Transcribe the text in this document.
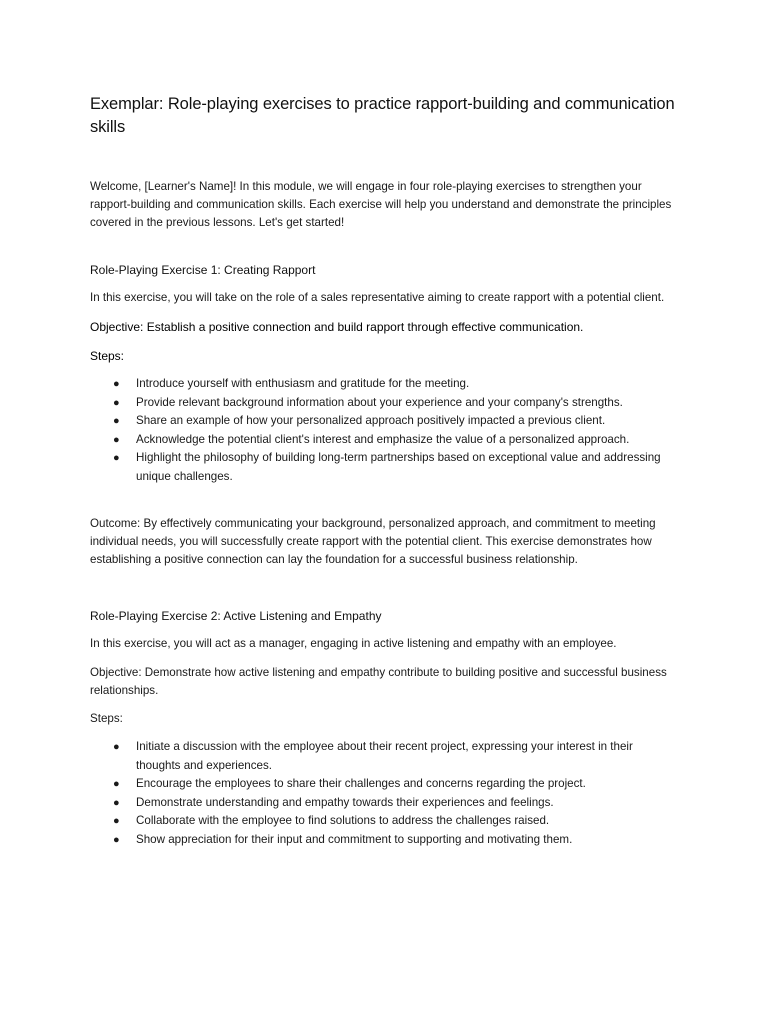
Exemplar: Role-playing exercises to practice rapport-building and communication skills

Welcome, [Learner's Name]! In this module, we will engage in four role-playing exercises to strengthen your rapport-building and communication skills. Each exercise will help you understand and demonstrate the principles covered in the previous lessons. Let's get started!

Role-Playing Exercise 1: Creating Rapport

In this exercise, you will take on the role of a sales representative aiming to create rapport with a potential client.

Objective: Establish a positive connection and build rapport through effective communication.

Steps:

● Introduce yourself with enthusiasm and gratitude for the meeting.
● Provide relevant background information about your experience and your company's strengths.
● Share an example of how your personalized approach positively impacted a previous client.
● Acknowledge the potential client's interest and emphasize the value of a personalized approach.
● Highlight the philosophy of building long-term partnerships based on exceptional value and addressing unique challenges.

Outcome: By effectively communicating your background, personalized approach, and commitment to meeting individual needs, you will successfully create rapport with the potential client. This exercise demonstrates how establishing a positive connection can lay the foundation for a successful business relationship.

Role-Playing Exercise 2: Active Listening and Empathy

In this exercise, you will act as a manager, engaging in active listening and empathy with an employee.

Objective: Demonstrate how active listening and empathy contribute to building positive and successful business relationships.

Steps:

● Initiate a discussion with the employee about their recent project, expressing your interest in their thoughts and experiences.
● Encourage the employees to share their challenges and concerns regarding the project.
● Demonstrate understanding and empathy towards their experiences and feelings.
● Collaborate with the employee to find solutions to address the challenges raised.
● Show appreciation for their input and commitment to supporting and motivating them.
